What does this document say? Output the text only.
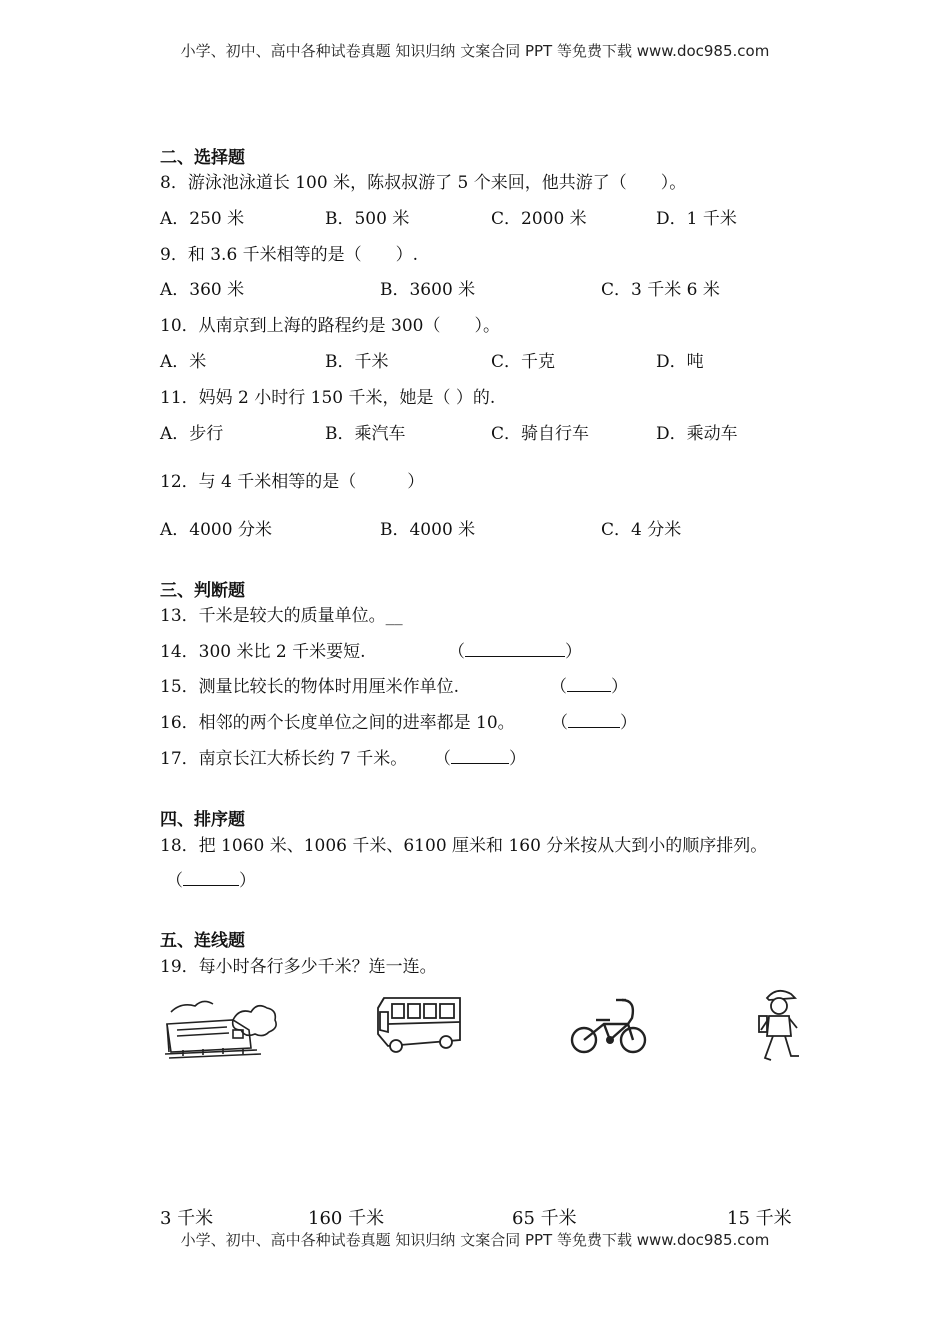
小学、初中、高中各种试卷真题 知识归纳 文案合同 PPT 等免费下载 www.doc985.com
二、选择题
8．游泳池泳道长 100 米，陈叔叔游了 5 个来回，他共游了（　　）。
A．250 米	B．500 米	C．2000 米	D．1 千米
9．和 3.6 千米相等的是（　　）.
A．360 米	B．3600 米	C．3 千米 6 米
10．从南京到上海的路程约是 300（　　）。
A．米	B．千米	C．千克	D．吨
11．妈妈 2 小时行 150 千米，她是（ ）的.
A．步行	B．乘汽车	C．骑自行车	D．乘动车
12．与 4 千米相等的是（　　　）
A．4000 分米	B．4000 米	C．4 分米
三、判断题
13．千米是较大的质量单位。__
14．300 米比 2 千米要短.	（	）
15．测量比较长的物体时用厘米作单位.	（	）
16．相邻的两个长度单位之间的进率都是 10。 （	）
17．南京长江大桥长约 7 千米。 （	）
四、排序题
18．把 1060 米、1006 千米、6100 厘米和 160 分米按从大到小的顺序排列。
（	）
五、连线题
19．每小时各行多少千米？连一连。
3 千米	160 千米	65 千米	15 千米
小学、初中、高中各种试卷真题 知识归纳 文案合同 PPT 等免费下载 www.doc985.com
